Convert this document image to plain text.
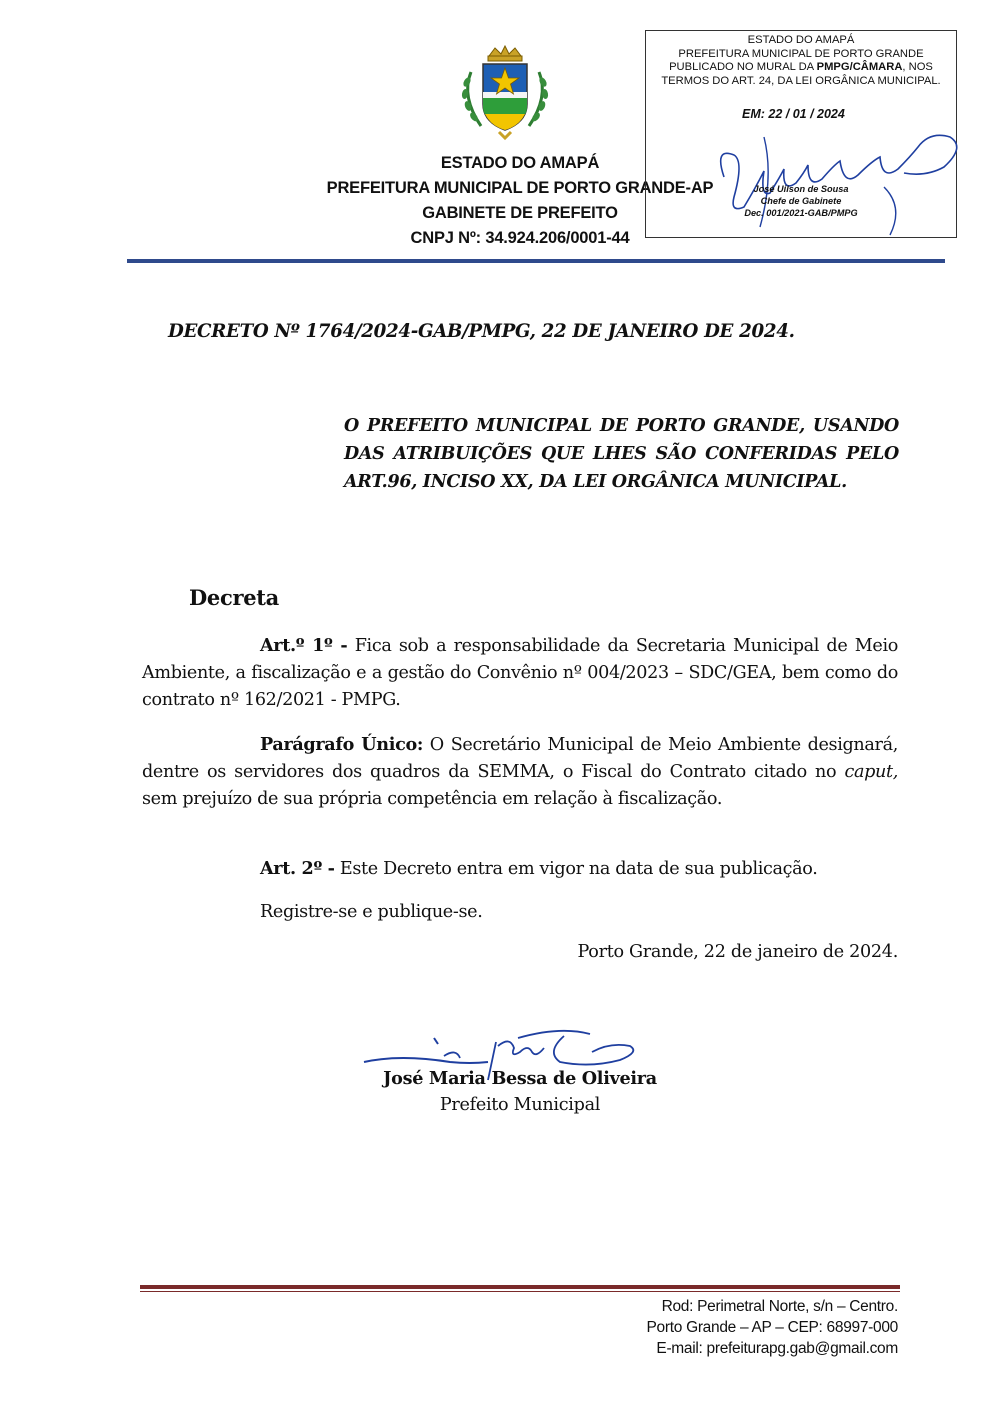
ESTADO DO AMAPÁ
PREFEITURA MUNICIPAL DE PORTO GRANDE-AP
GABINETE DE PREFEITO
CNPJ Nº: 34.924.206/0001-44
ESTADO DO AMAPÁ
PREFEITURA MUNICIPAL DE PORTO GRANDE
PUBLICADO NO MURAL DA PMPG/CÂMARA, NOS
TERMOS DO ART. 24, DA LEI ORGÂNICA MUNICIPAL.
EM: 22 / 01 / 2024
José Uilson de Sousa
Chefe de Gabinete
Dec. 001/2021-GAB/PMPG
DECRETO Nº 1764/2024-GAB/PMPG, 22 DE JANEIRO DE 2024.
O PREFEITO MUNICIPAL DE PORTO GRANDE, USANDO DAS ATRIBUIÇÕES QUE LHES SÃO CONFERIDAS PELO ART.96, INCISO XX, DA LEI ORGÂNICA MUNICIPAL.
Decreta
Art.º 1º - Fica sob a responsabilidade da Secretaria Municipal de Meio Ambiente, a fiscalização e a gestão do Convênio nº 004/2023 – SDC/GEA, bem como do contrato nº 162/2021 - PMPG.
Parágrafo Único: O Secretário Municipal de Meio Ambiente designará, dentre os servidores dos quadros da SEMMA, o Fiscal do Contrato citado no caput, sem prejuízo de sua própria competência em relação à fiscalização.
Art. 2º - Este Decreto entra em vigor na data de sua publicação.
Registre-se e publique-se.
Porto Grande, 22 de janeiro de 2024.
José Maria Bessa de Oliveira
Prefeito Municipal
Rod: Perimetral Norte, s/n – Centro.
Porto Grande – AP – CEP: 68997-000
E-mail: prefeiturapg.gab@gmail.com
